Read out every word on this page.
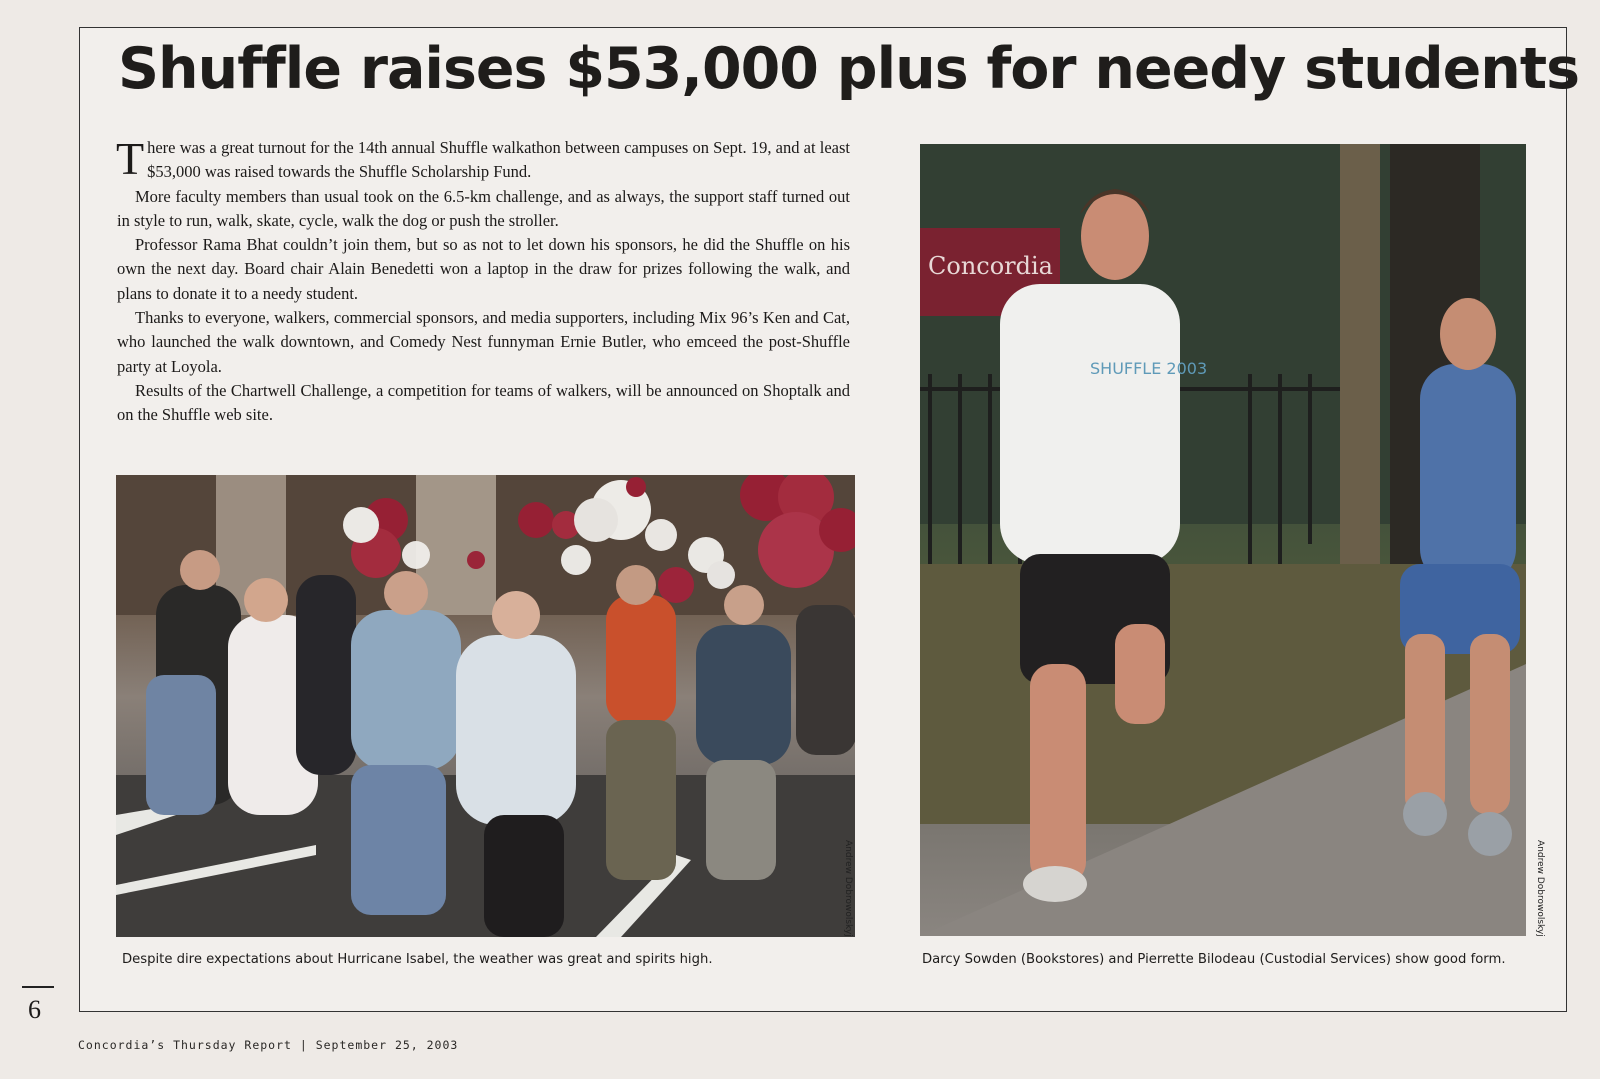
Shuffle raises $53,000 plus for needy students

There was a great turnout for the 14th annual Shuffle walkathon between campuses on Sept. 19, and at least $53,000 was raised towards the Shuffle Scholarship Fund.

More faculty members than usual took on the 6.5-km challenge, and as always, the support staff turned out in style to run, walk, skate, cycle, walk the dog or push the stroller.

Professor Rama Bhat couldn’t join them, but so as not to let down his sponsors, he did the Shuffle on his own the next day. Board chair Alain Benedetti won a laptop in the draw for prizes following the walk, and plans to donate it to a needy student.

Thanks to everyone, walkers, commercial sponsors, and media supporters, including Mix 96’s Ken and Cat, who launched the walk downtown, and Comedy Nest funnyman Ernie Butler, who emceed the post-Shuffle party at Loyola.

Results of the Chartwell Challenge, a competition for teams of walkers, will be announced on Shoptalk and on the Shuffle web site.

Andrew Dobrowolskyj

Despite dire expectations about Hurricane Isabel, the weather was great and spirits high.

Concordia
SHUFFLE 2003
Andrew Dobrowolskyj

Darcy Sowden (Bookstores) and Pierrette Bilodeau (Custodial Services) show good form.

6
Concordia’s Thursday Report | September 25, 2003
